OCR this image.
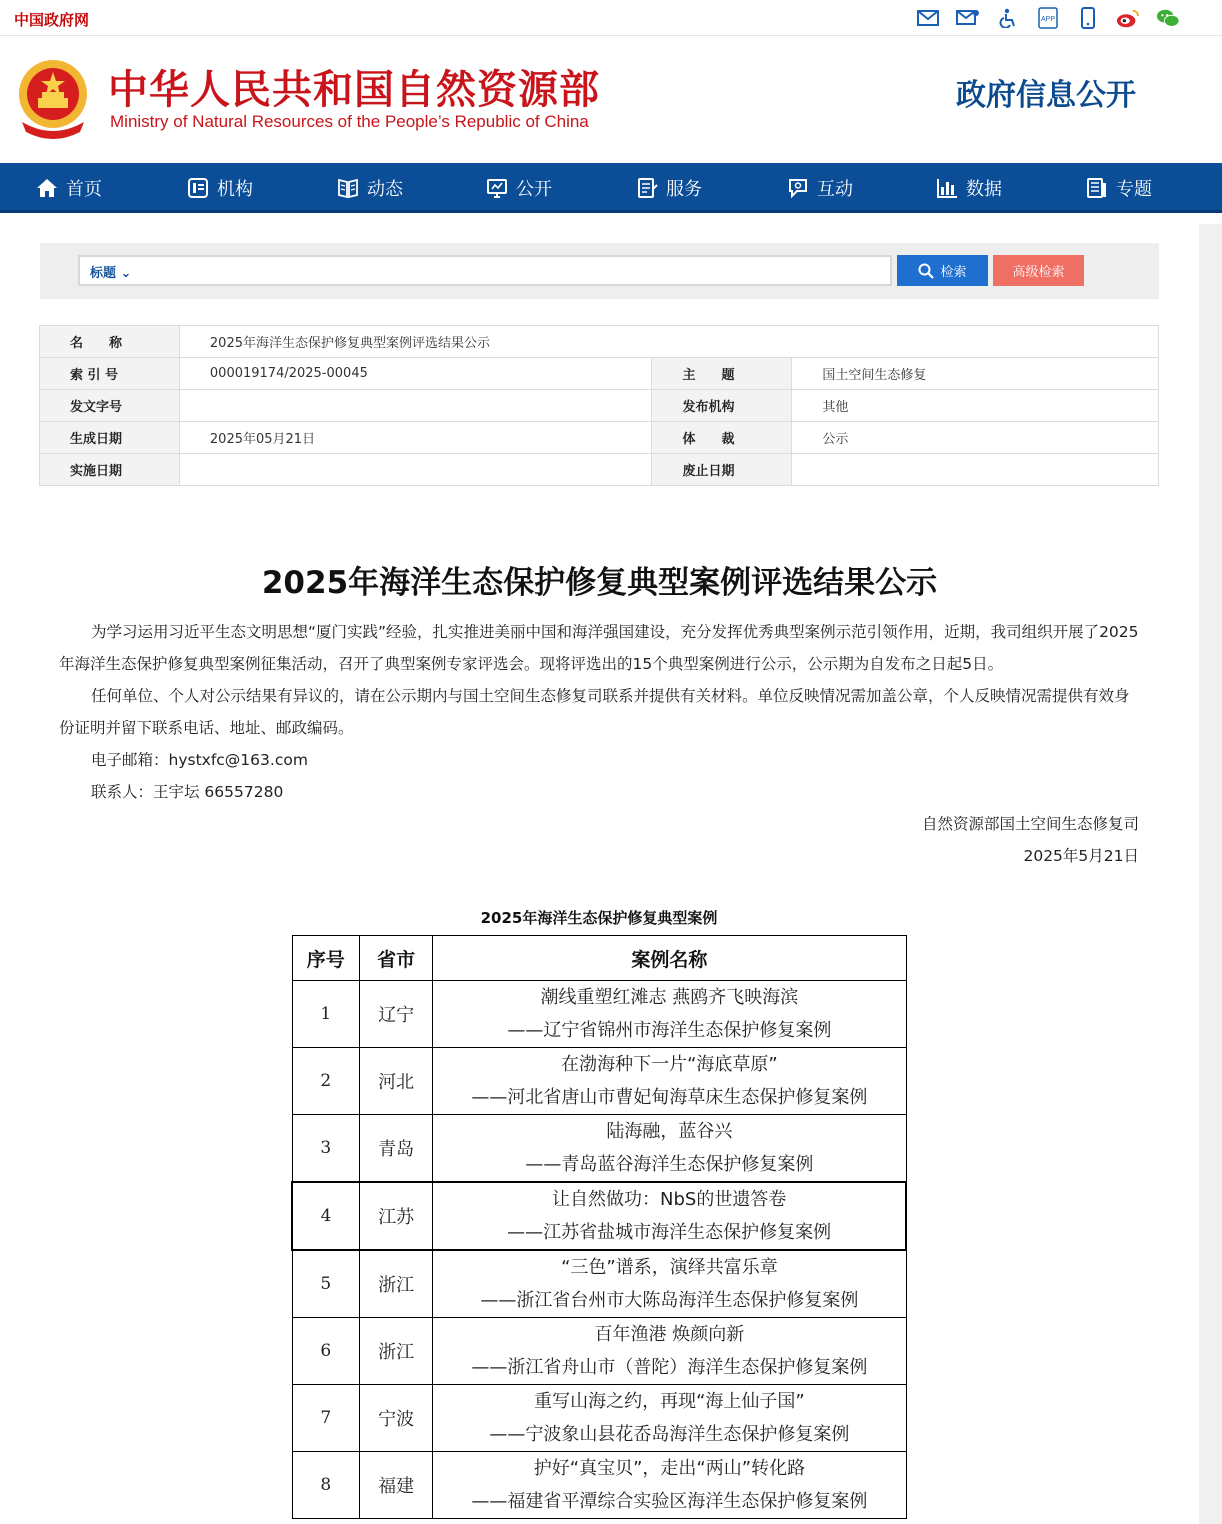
中国政府网	APP
中华人民共和国自然资源部
Ministry of Natural Resources of the People’s Republic of China
政府信息公开
首页	机构	动态	公开	服务	互动	数据	专题
标题 ⌄	检索	高级检索
名　　称	2025年海洋生态保护修复典型案例评选结果公示		
索 引 号	000019174/2025-00045	主　　题	国土空间生态修复
发文字号		发布机构	其他
生成日期	2025年05月21日	体　　裁	公示
实施日期		废止日期	
2025年海洋生态保护修复典型案例评选结果公示
为学习运用习近平生态文明思想“厦门实践”经验，扎实推进美丽中国和海洋强国建设，充分发挥优秀典型案例示范引领作用，近期，我司组织开展了2025年海洋生态保护修复典型案例征集活动，召开了典型案例专家评选会。现将评选出的15个典型案例进行公示，公示期为自发布之日起5日。
任何单位、个人对公示结果有异议的，请在公示期内与国土空间生态修复司联系并提供有关材料。单位反映情况需加盖公章，个人反映情况需提供有效身份证明并留下联系电话、地址、邮政编码。
电子邮箱：hystxfc@163.com
联系人：王宇坛 66557280
自然资源部国土空间生态修复司
2025年5月21日
2025年海洋生态保护修复典型案例
序号	省市	案例名称
1	辽宁	潮线重塑红滩志 燕鸥齐飞映海滨
——辽宁省锦州市海洋生态保护修复案例

2	河北	在渤海种下一片“海底草原”
——河北省唐山市曹妃甸海草床生态保护修复案例

3	青岛	陆海融，蓝谷兴
——青岛蓝谷海洋生态保护修复案例

4	江苏	让自然做功：NbS的世遗答卷
——江苏省盐城市海洋生态保护修复案例

5	浙江	“三色”谱系，演绎共富乐章
——浙江省台州市大陈岛海洋生态保护修复案例

6	浙江	百年渔港 焕颜向新
——浙江省舟山市（普陀）海洋生态保护修复案例

7	宁波	重写山海之约，再现“海上仙子国”
——宁波象山县花岙岛海洋生态保护修复案例

8	福建	护好“真宝贝”，走出“两山”转化路
——福建省平潭综合实验区海洋生态保护修复案例
